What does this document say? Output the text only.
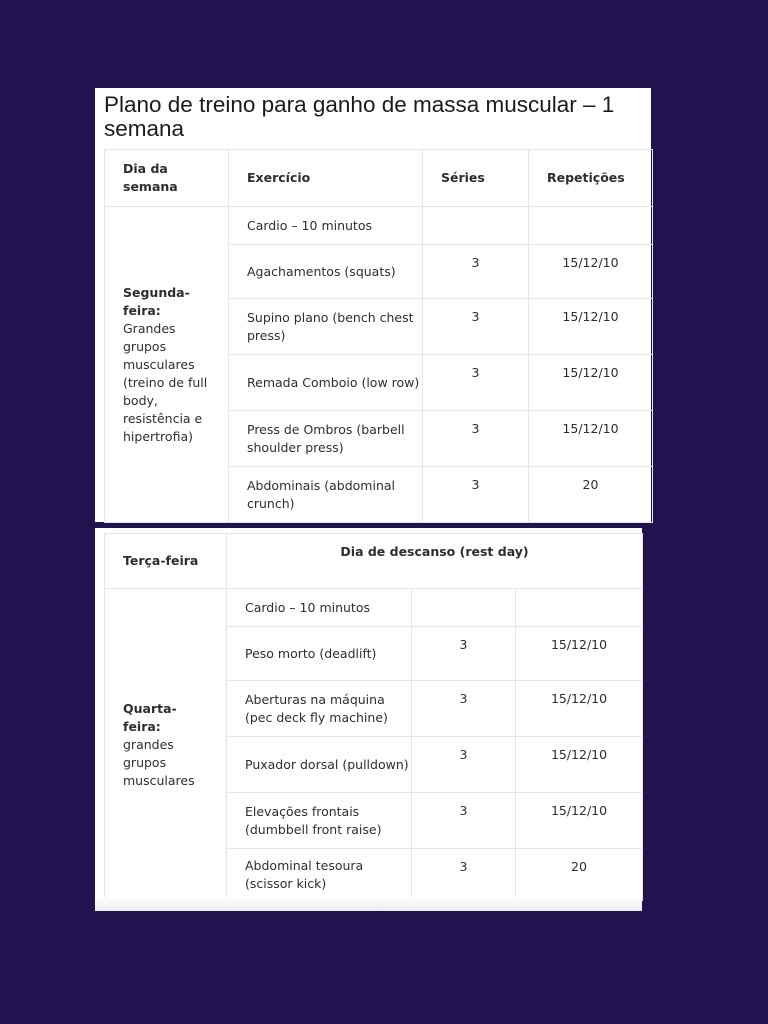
Plano de treino para ganho de massa muscular – 1 semana
Dia da semana	Exercício	Séries	Repetições

Segunda-feira:
Grandes grupos musculares (treino de full body, resistência e hipertrofia)	Cardio – 10 minutos		
	Agachamentos (squats)	3	15/12/10
	Supino plano (bench chest press)	3	15/12/10
	Remada Comboio (low row)	3	15/12/10
	Press de Ombros (barbell shoulder press)	3	15/12/10
	Abdominais (abdominal crunch)	3	20
Terça-feira	Dia de descanso (rest day)		

Quarta-feira:
grandes grupos musculares	Cardio – 10 minutos		
	Peso morto (deadlift)	3	15/12/10
	Aberturas na máquina (pec deck fly machine)	3	15/12/10
	Puxador dorsal (pulldown)	3	15/12/10
	Elevações frontais (dumbbell front raise)	3	15/12/10
	Abdominal tesoura (scissor kick)	3	20
